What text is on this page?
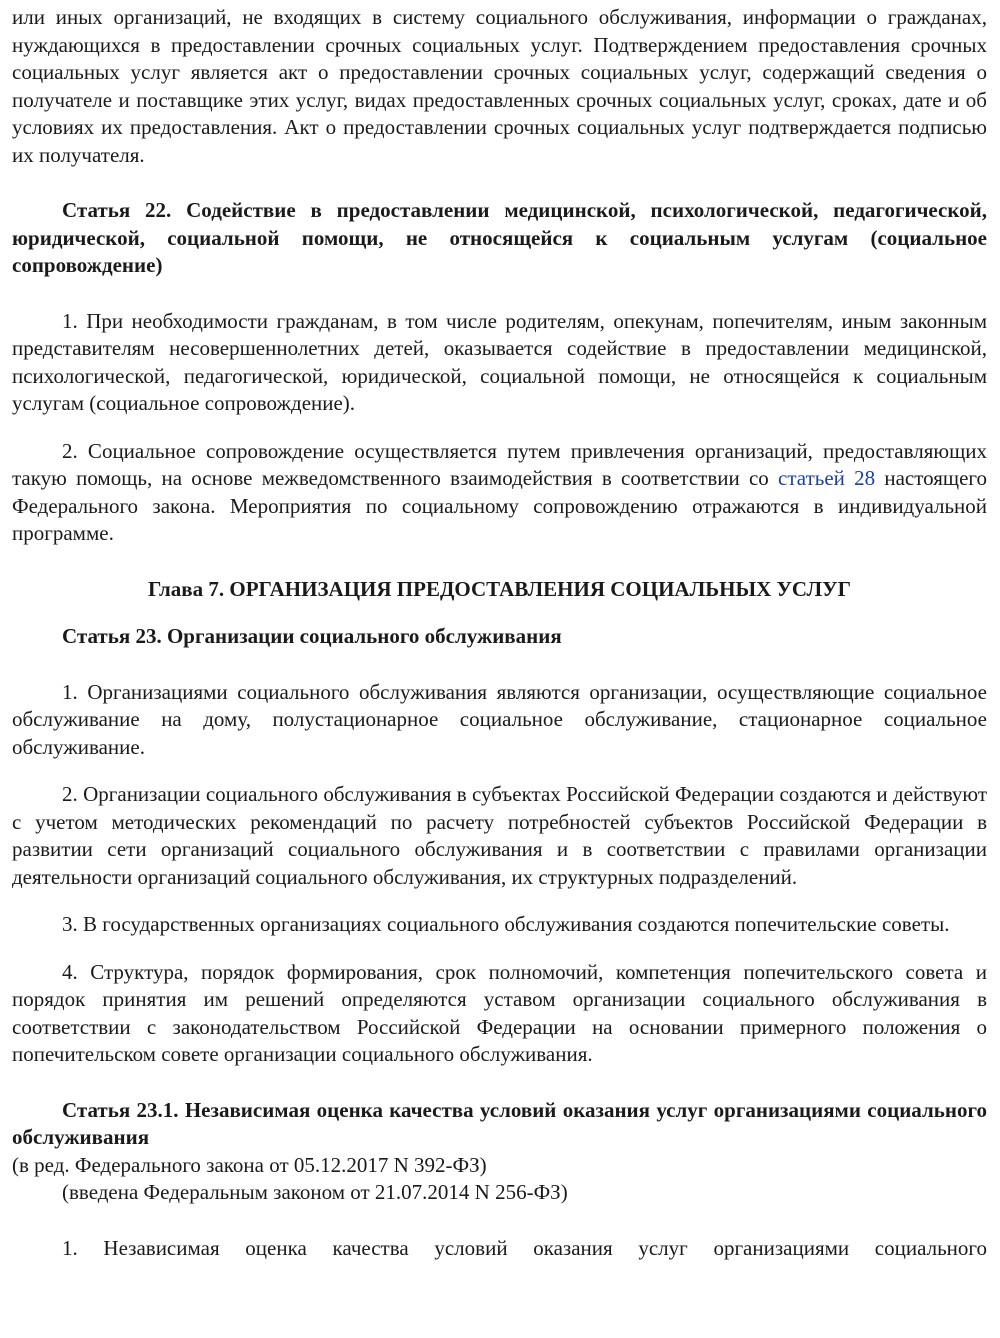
или иных организаций, не входящих в систему социального обслуживания, информации о гражданах, нуждающихся в предоставлении срочных социальных услуг. Подтверждением предоставления срочных социальных услуг является акт о предоставлении срочных социальных услуг, содержащий сведения о получателе и поставщике этих услуг, видах предоставленных срочных социальных услуг, сроках, дате и об условиях их предоставления. Акт о предоставлении срочных социальных услуг подтверждается подписью их получателя.

Статья 22. Содействие в предоставлении медицинской, психологической, педагогической, юридической, социальной помощи, не относящейся к социальным услугам (социальное сопровождение)

1. При необходимости гражданам, в том числе родителям, опекунам, попечителям, иным законным представителям несовершеннолетних детей, оказывается содействие в предоставлении медицинской, психологической, педагогической, юридической, социальной помощи, не относящейся к социальным услугам (социальное сопровождение).

2. Социальное сопровождение осуществляется путем привлечения организаций, предоставляющих такую помощь, на основе межведомственного взаимодействия в соответствии со статьей 28 настоящего Федерального закона. Мероприятия по социальному сопровождению отражаются в индивидуальной программе.

Глава 7. ОРГАНИЗАЦИЯ ПРЕДОСТАВЛЕНИЯ СОЦИАЛЬНЫХ УСЛУГ

Статья 23. Организации социального обслуживания

1. Организациями социального обслуживания являются организации, осуществляющие социальное обслуживание на дому, полустационарное социальное обслуживание, стационарное социальное обслуживание.

2. Организации социального обслуживания в субъектах Российской Федерации создаются и действуют с учетом методических рекомендаций по расчету потребностей субъектов Российской Федерации в развитии сети организаций социального обслуживания и в соответствии с правилами организации деятельности организаций социального обслуживания, их структурных подразделений.

3. В государственных организациях социального обслуживания создаются попечительские советы.

4. Структура, порядок формирования, срок полномочий, компетенция попечительского совета и порядок принятия им решений определяются уставом организации социального обслуживания в соответствии с законодательством Российской Федерации на основании примерного положения о попечительском совете организации социального обслуживания.

Статья 23.1. Независимая оценка качества условий оказания услуг организациями социального обслуживания

(в ред. Федерального закона от 05.12.2017 N 392-ФЗ)

(введена Федеральным законом от 21.07.2014 N 256-ФЗ)

1. Независимая оценка качества условий оказания услуг организациями социального
